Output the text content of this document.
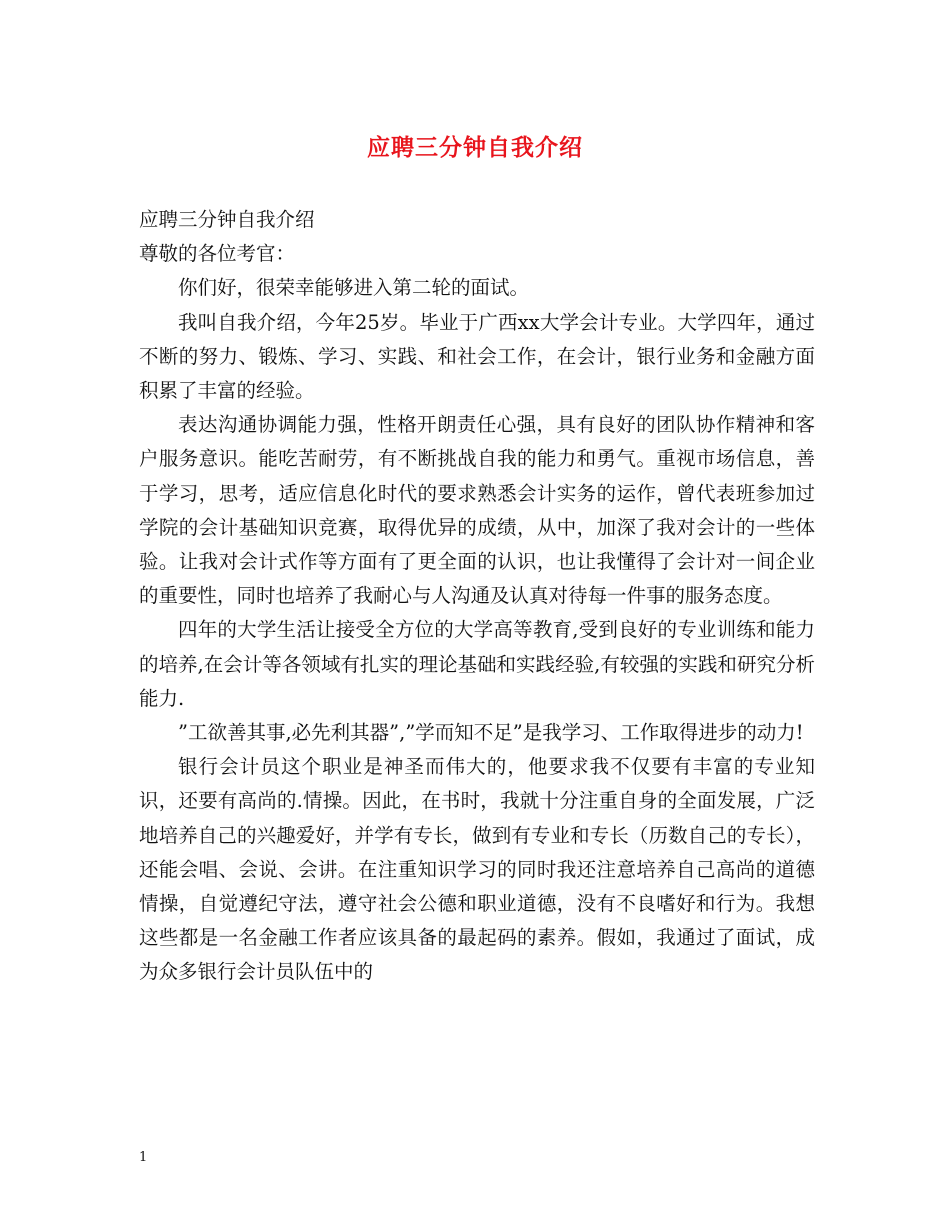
应聘三分钟自我介绍

应聘三分钟自我介绍

尊敬的各位考官：

你们好，很荣幸能够进入第二轮的面试。

我叫自我介绍，今年25岁。毕业于广西xx大学会计专业。大学四年，通过不断的努力、锻炼、学习、实践、和社会工作，在会计，银行业务和金融方面积累了丰富的经验。

表达沟通协调能力强，性格开朗责任心强，具有良好的团队协作精神和客户服务意识。能吃苦耐劳，有不断挑战自我的能力和勇气。重视市场信息，善于学习，思考，适应信息化时代的要求熟悉会计实务的运作，曾代表班参加过学院的会计基础知识竞赛，取得优异的成绩，从中，加深了我对会计的一些体验。让我对会计式作等方面有了更全面的认识，也让我懂得了会计对一间企业的重要性，同时也培养了我耐心与人沟通及认真对待每一件事的服务态度。

四年的大学生活让接受全方位的大学高等教育,受到良好的专业训练和能力的培养,在会计等各领域有扎实的理论基础和实践经验,有较强的实践和研究分析能力.

”工欲善其事,必先利其器”,”学而知不足”是我学习、工作取得进步的动力!

银行会计员这个职业是神圣而伟大的，他要求我不仅要有丰富的专业知识，还要有高尚的.情操。因此，在书时，我就十分注重自身的全面发展，广泛地培养自己的兴趣爱好，并学有专长，做到有专业和专长（历数自己的专长），还能会唱、会说、会讲。在注重知识学习的同时我还注意培养自己高尚的道德情操，自觉遵纪守法，遵守社会公德和职业道德，没有不良嗜好和行为。我想这些都是一名金融工作者应该具备的最起码的素养。假如，我通过了面试，成为众多银行会计员队伍中的

1
